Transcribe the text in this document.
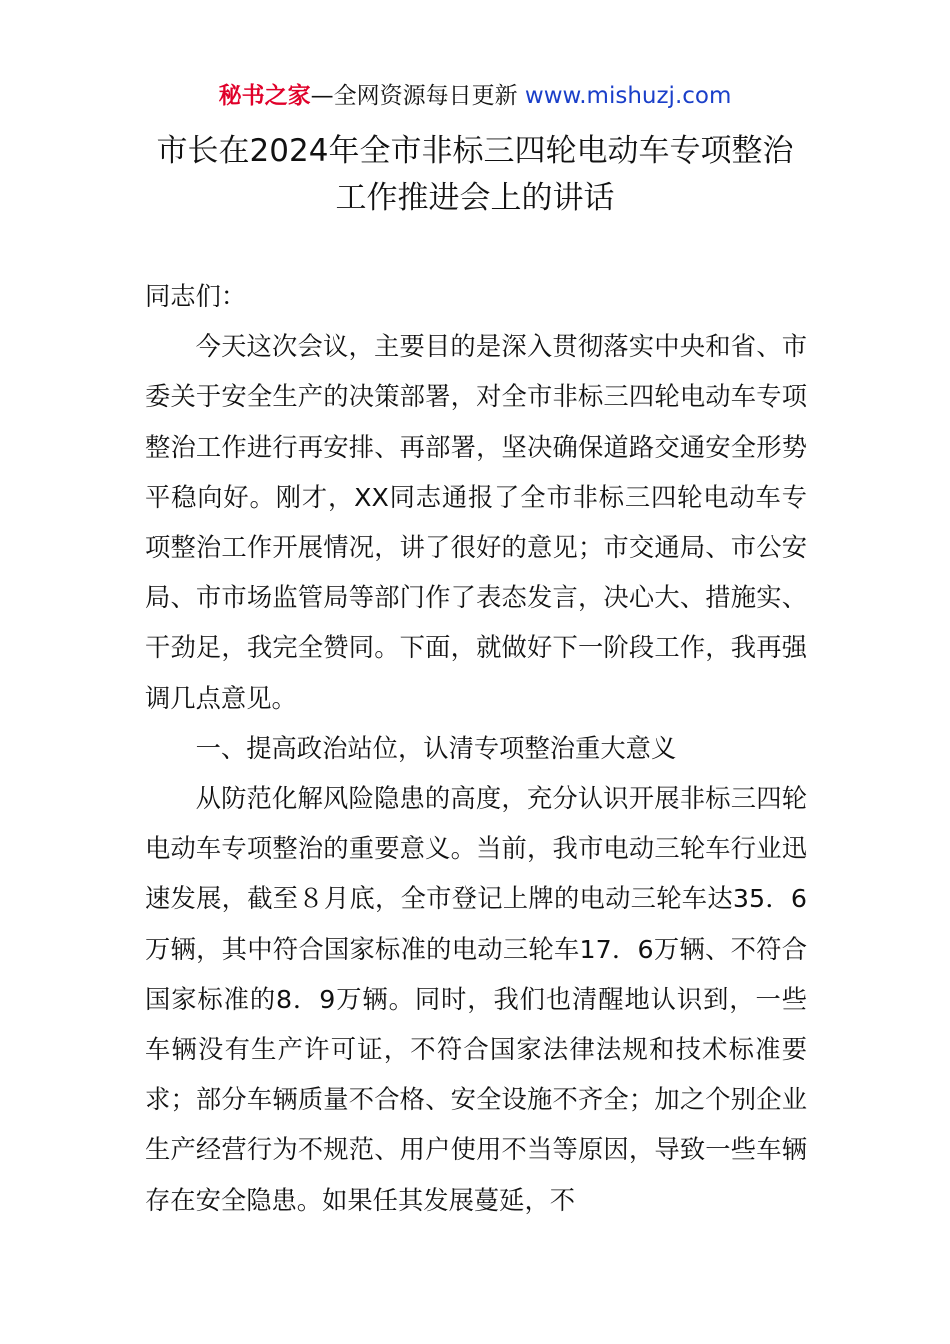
秘书之家—全网资源每日更新 www.mishuzj.com
市长在2024年全市非标三四轮电动车专项整治
工作推进会上的讲话

同志们：

今天这次会议，主要目的是深入贯彻落实中央和省、市委关于安全生产的决策部署，对全市非标三四轮电动车专项整治工作进行再安排、再部署，坚决确保道路交通安全形势平稳向好。刚才，XX同志通报了全市非标三四轮电动车专项整治工作开展情况，讲了很好的意见；市交通局、市公安局、市市场监管局等部门作了表态发言，决心大、措施实、干劲足，我完全赞同。下面，就做好下一阶段工作，我再强调几点意见。

一、提高政治站位，认清专项整治重大意义

从防范化解风险隐患的高度，充分认识开展非标三四轮电动车专项整治的重要意义。当前，我市电动三轮车行业迅速发展，截至８月底，全市登记上牌的电动三轮车达35．6万辆，其中符合国家标准的电动三轮车17．6万辆、不符合国家标准的8．9万辆。同时，我们也清醒地认识到，一些车辆没有生产许可证，不符合国家法律法规和技术标准要求；部分车辆质量不合格、安全设施不齐全；加之个别企业生产经营行为不规范、用户使用不当等原因，导致一些车辆存在安全隐患。如果任其发展蔓延，不
